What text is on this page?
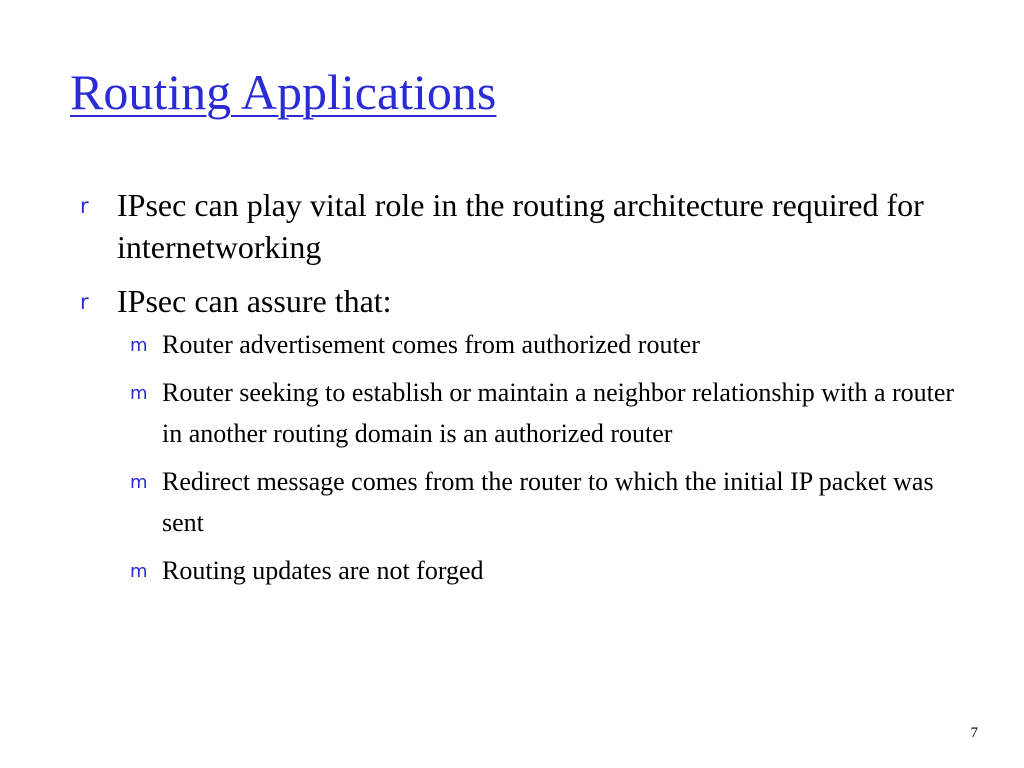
Routing Applications
r IPsec can play vital role in the routing architecture required for internetworking
r IPsec can assure that:
m Router advertisement comes from authorized router
m Router seeking to establish or maintain a neighbor relationship with a router in another routing domain is an authorized router
m Redirect message comes from the router to which the initial IP packet was sent
m Routing updates are not forged
7
